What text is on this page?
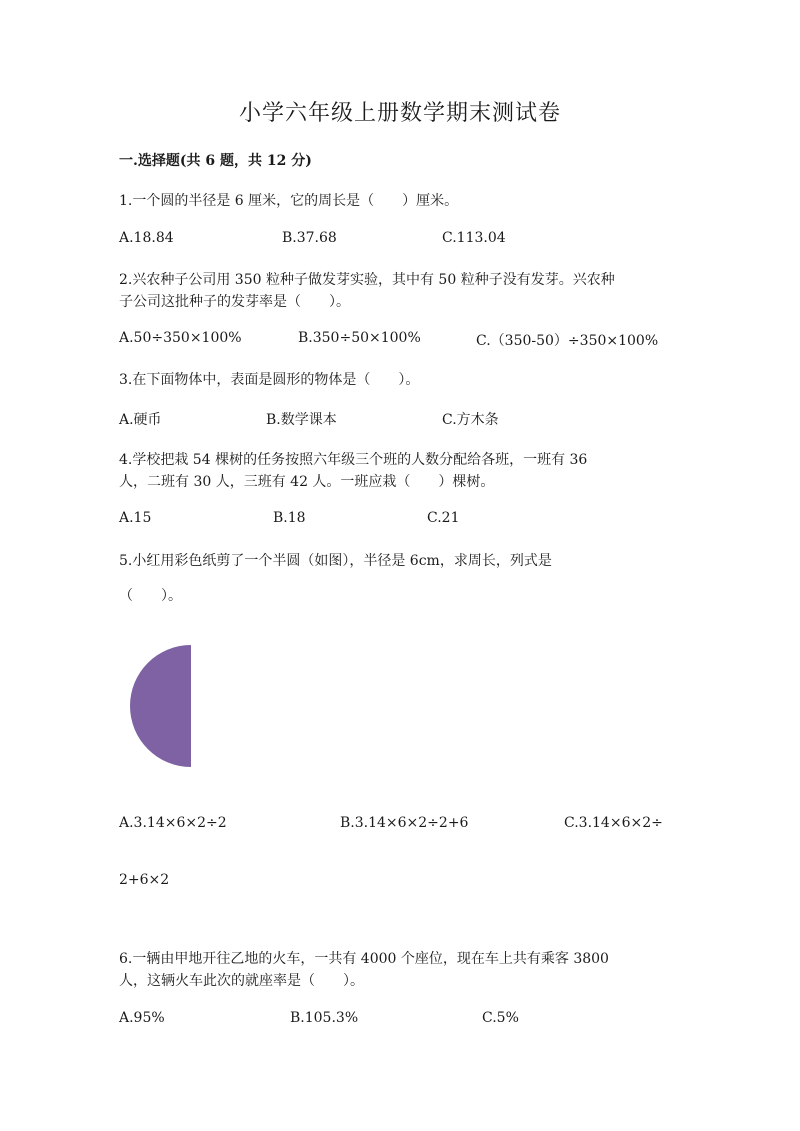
小学六年级上册数学期末测试卷
一.选择题(共 6 题，共 12 分)
1.一个圆的半径是 6 厘米，它的周长是（　　）厘米。
A.18.84	B.37.68	C.113.04
2.兴农种子公司用 350 粒种子做发芽实验，其中有 50 粒种子没有发芽。兴农种
子公司这批种子的发芽率是（　　）。
A.50÷350×100%	B.350÷50×100%	C.（350-50）÷350×100%
3.在下面物体中，表面是圆形的物体是（　　）。
A.硬币	B.数学课本	C.方木条
4.学校把栽 54 棵树的任务按照六年级三个班的人数分配给各班，一班有 36
人，二班有 30 人，三班有 42 人。一班应栽（　　）棵树。
A.15	B.18	C.21
5.小红用彩色纸剪了一个半圆（如图），半径是 6cm，求周长，列式是
（　　）。
A.3.14×6×2÷2	B.3.14×6×2÷2+6	C.3.14×6×2÷
2+6×2
6.一辆由甲地开往乙地的火车，一共有 4000 个座位，现在车上共有乘客 3800
人，这辆火车此次的就座率是（　　）。
A.95%	B.105.3%	C.5%
